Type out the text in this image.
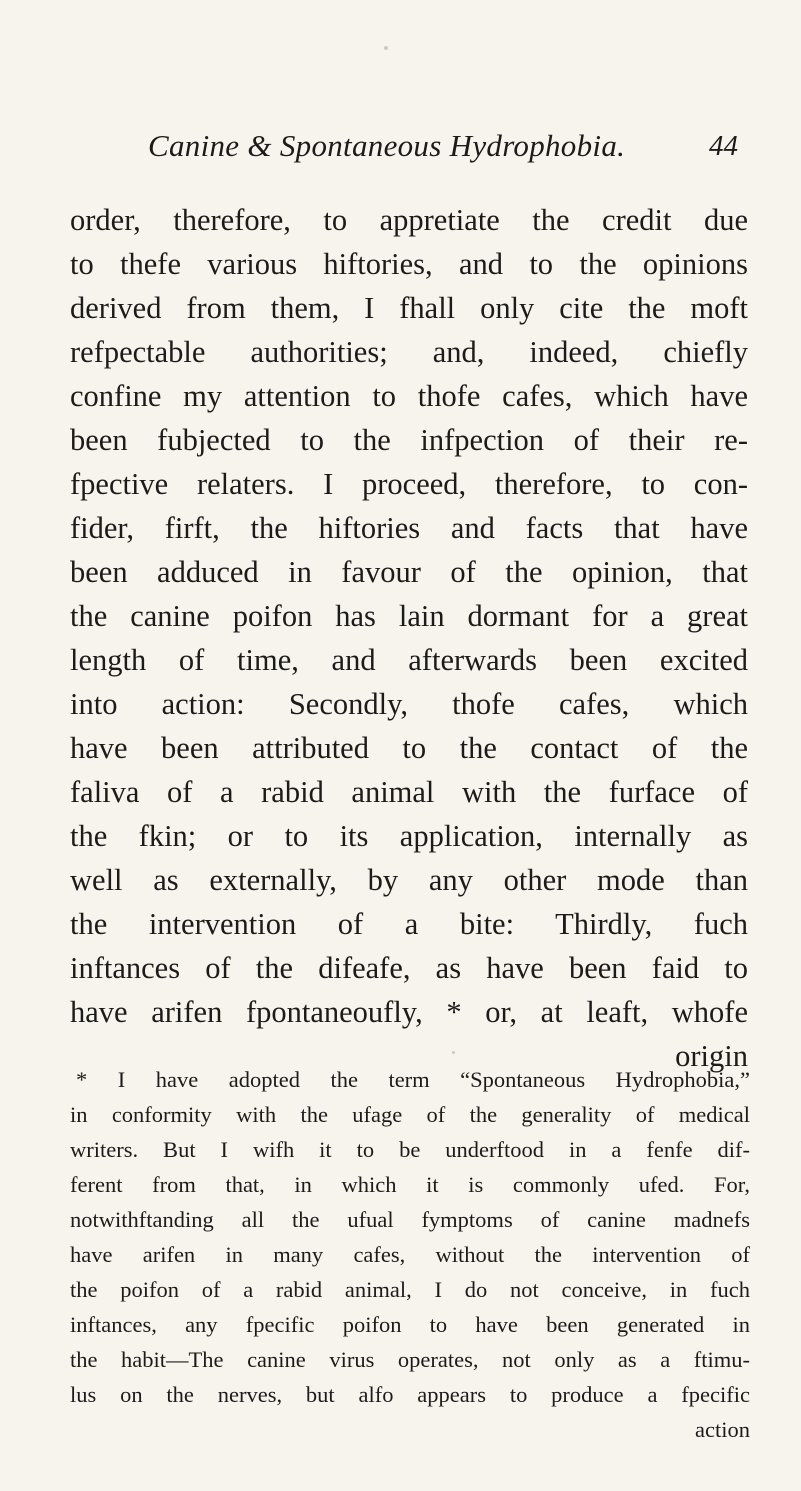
Canine & Spontaneous Hydrophobia.	44
order, therefore, to appretiate the credit due
to thefe various hiftories, and to the opinions
derived from them, I fhall only cite the moft
refpectable authorities; and, indeed, chiefly
confine my attention to thofe cafes, which have
been fubjected to the infpection of their re-
fpective relaters. I proceed, therefore, to con-
fider, firft, the hiftories and facts that have
been adduced in favour of the opinion, that
the canine poifon has lain dormant for a great
length of time, and afterwards been excited
into action: Secondly, thofe cafes, which
have been attributed to the contact of the
faliva of a rabid animal with the furface of
the fkin; or to its application, internally as
well as externally, by any other mode than
the intervention of a bite: Thirdly, fuch
inftances of the difeafe, as have been faid to
have arifen fpontaneoufly, * or, at leaft, whofe
origin
* I have adopted the term “Spontaneous Hydrophobia,”
in conformity with the ufage of the generality of medical
writers. But I wifh it to be underftood in a fenfe dif-
ferent from that, in which it is commonly ufed. For,
notwithftanding all the ufual fymptoms of canine madnefs
have arifen in many cafes, without the intervention of
the poifon of a rabid animal, I do not conceive, in fuch
inftances, any fpecific poifon to have been generated in
the habit—The canine virus operates, not only as a ftimu-
lus on the nerves, but alfo appears to produce a fpecific
action
